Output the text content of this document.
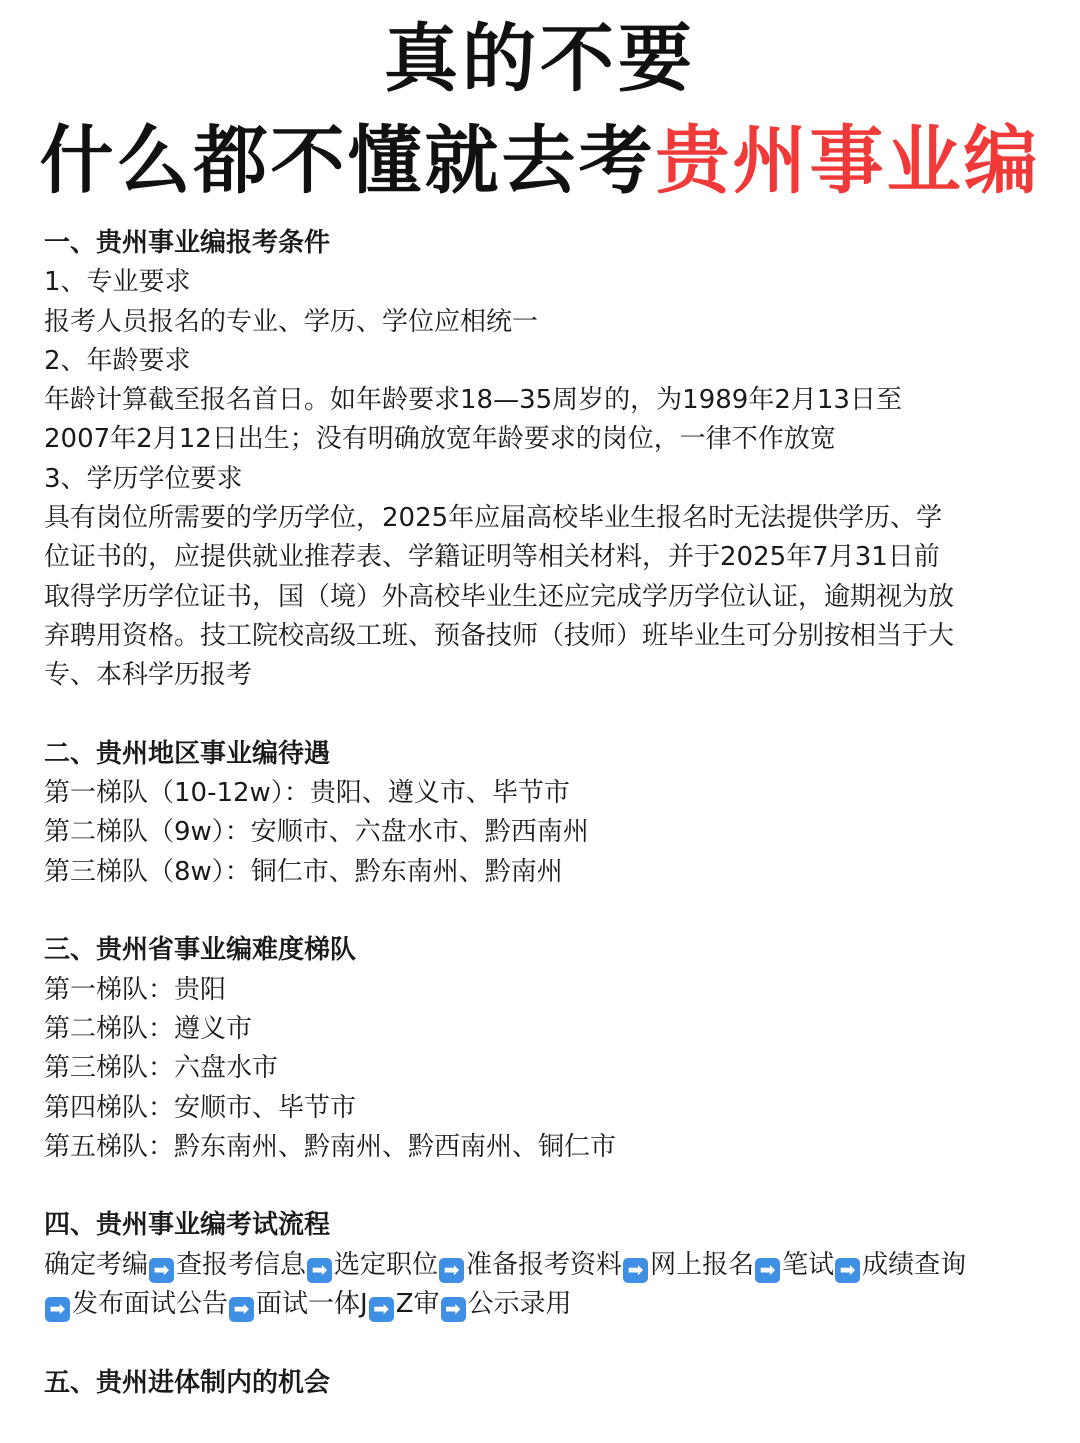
真的不要
什么都不懂就去考贵州事业编

一、贵州事业编报考条件

1、专业要求

报考人员报名的专业、学历、学位应相统一

2、年龄要求

年龄计算截至报名首日。如年龄要求18—35周岁的，为1989年2月13日至

2007年2月12日出生；没有明确放宽年龄要求的岗位，一律不作放宽

3、学历学位要求

具有岗位所需要的学历学位，2025年应届高校毕业生报名时无法提供学历、学

位证书的，应提供就业推荐表、学籍证明等相关材料，并于2025年7月31日前

取得学历学位证书，国（境）外高校毕业生还应完成学历学位认证，逾期视为放

弃聘用资格。技工院校高级工班、预备技师（技师）班毕业生可分别按相当于大

专、本科学历报考

二、贵州地区事业编待遇

第一梯队（10-12w）：贵阳、遵义市、毕节市

第二梯队（9w）：安顺市、六盘水市、黔西南州

第三梯队（8w）：铜仁市、黔东南州、黔南州

三、贵州省事业编难度梯队

第一梯队：贵阳

第二梯队：遵义市

第三梯队：六盘水市

第四梯队：安顺市、毕节市

第五梯队：黔东南州、黔南州、黔西南州、铜仁市

四、贵州事业编考试流程

确定考编 ➡ 查报考信息 ➡ 选定职位 ➡ 准备报考资料 ➡ 网上报名 ➡ 笔试 ➡ 成绩查询

➡ 发布面试公告 ➡ 面试一体J ➡ Z审 ➡ 公示录用

五、贵州进体制内的机会
